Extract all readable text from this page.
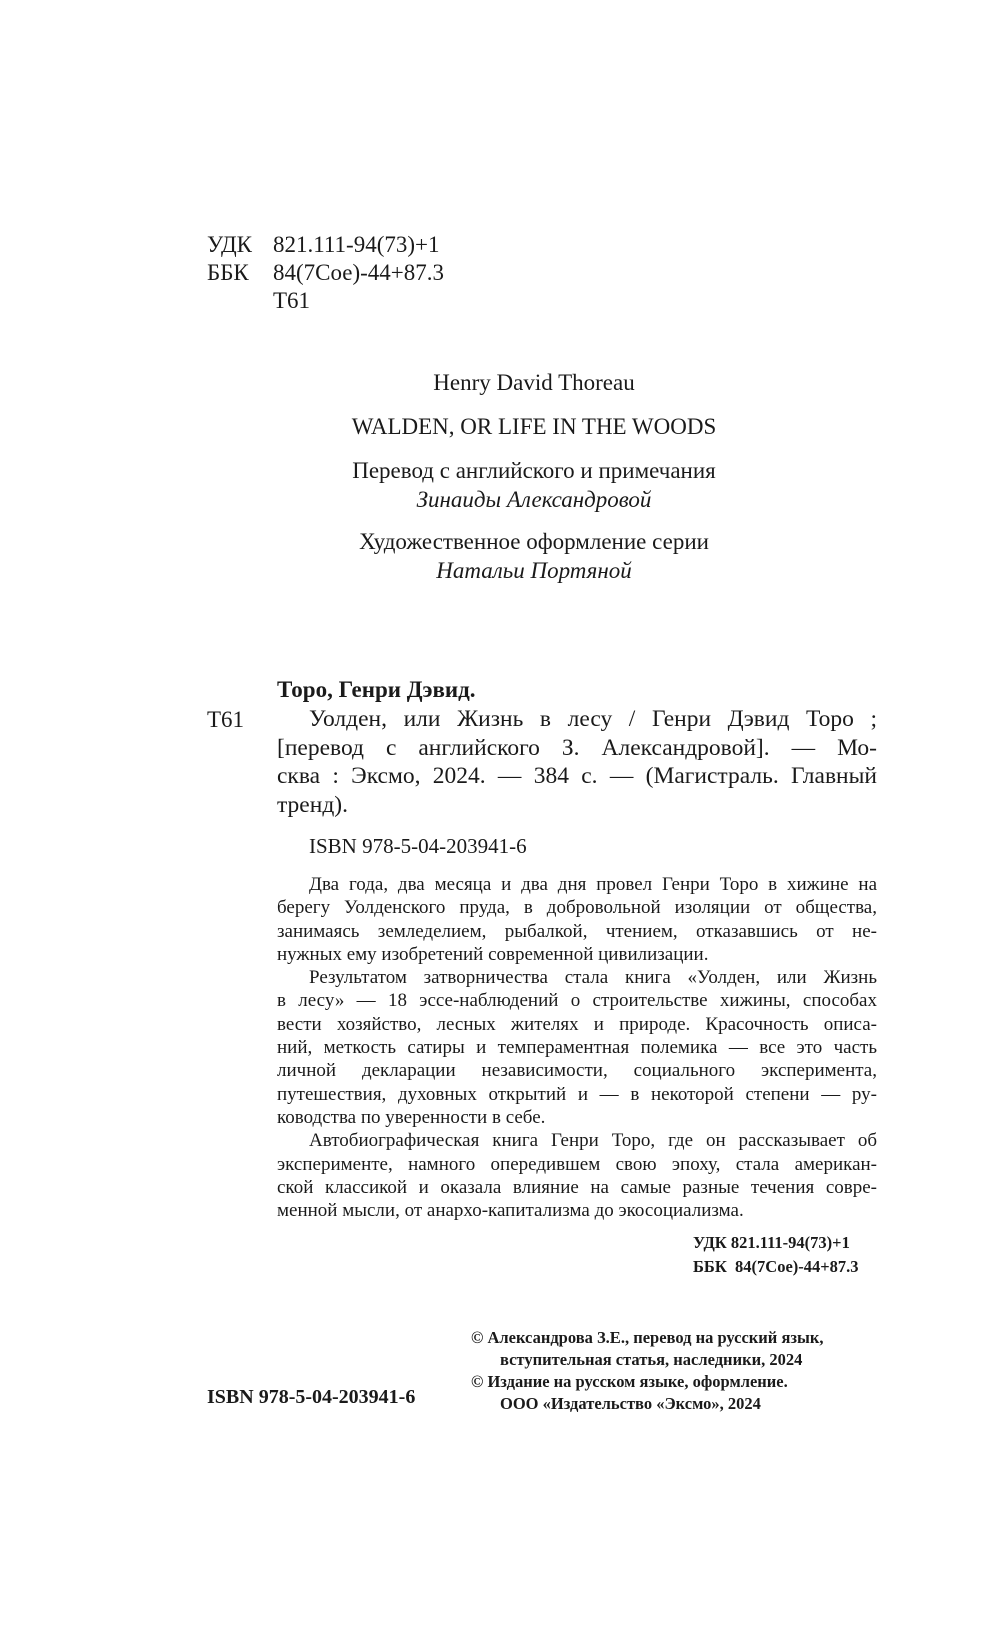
УДК 821.111-94(73)+1
ББК	84(7Сое)-44+87.3
Т61
Henry David Thoreau
WALDEN, OR LIFE IN THE WOODS
Перевод с английского и примечания
Зинаиды Александровой
Художественное оформление серии
Натальи Портяной
Торо, Генри Дэвид.
Т61	Уолден, или Жизнь в лесу / Генри Дэвид Торо ;
[перевод с английского З. Александровой]. — Мо-
сква : Эксмо, 2024. — 384 с. — (Магистраль. Главный
тренд).
ISBN 978-5-04-203941-6
Два года, два месяца и два дня провел Генри Торо в хижине на
берегу Уолденского пруда, в добровольной изоляции от общества,
занимаясь земледелием, рыбалкой, чтением, отказавшись от не-
нужных ему изобретений современной цивилизации.
Результатом затворничества стала книга «Уолден, или Жизнь
в лесу» — 18 эссе-наблюдений о строительстве хижины, способах
вести хозяйство, лесных жителях и природе. Красочность описа-
ний, меткость сатиры и темпераментная полемика — все это часть
личной декларации независимости, социального эксперимента,
путешествия, духовных открытий и — в некоторой степени — ру-
ководства по уверенности в себе.
Автобиографическая книга Генри Торо, где он рассказывает об
эксперименте, намного опередившем свою эпоху, стала американ-
ской классикой и оказала влияние на самые разные течения совре-
менной мысли, от анархо-капитализма до экосоциализма.
УДК 821.111-94(73)+1
ББК  84(7Сое)-44+87.3
© Александрова З.Е., перевод на русский язык,
вступительная статья, наследники, 2024
© Издание на русском языке, оформление.
ООО «Издательство «Эксмо», 2024
ISBN 978-5-04-203941-6
